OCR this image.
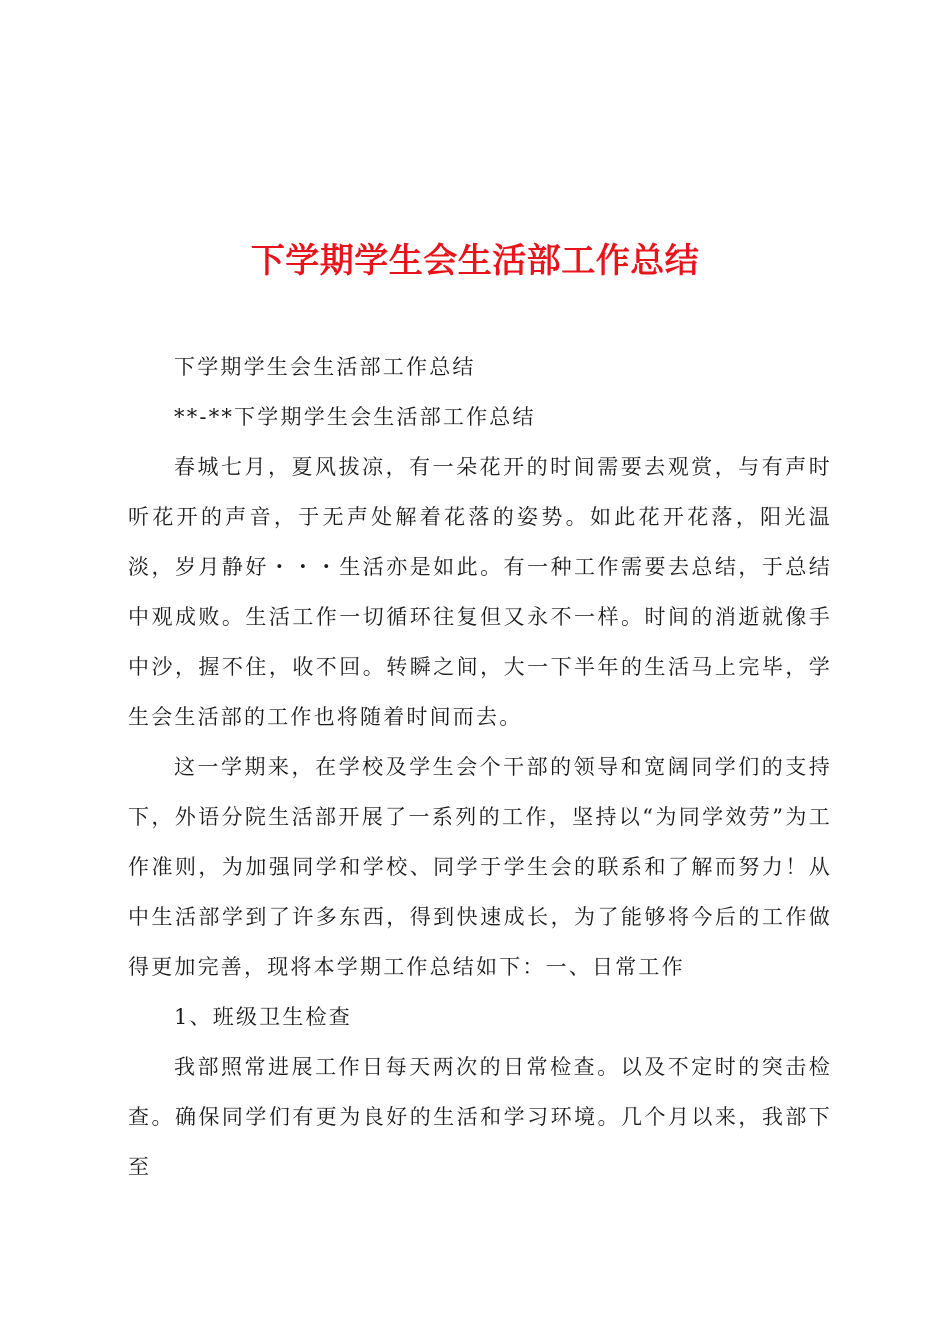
下学期学生会生活部工作总结

下学期学生会生活部工作总结

**-**下学期学生会生活部工作总结

春城七月，夏风拔凉，有一朵花开的时间需要去观赏，与有声时听花开的声音，于无声处解着花落的姿势。如此花开花落，阳光温淡，岁月静好・・・生活亦是如此。有一种工作需要去总结，于总结中观成败。生活工作一切循环往复但又永不一样。时间的消逝就像手中沙，握不住，收不回。转瞬之间，大一下半年的生活马上完毕，学生会生活部的工作也将随着时间而去。

这一学期来，在学校及学生会个干部的领导和宽阔同学们的支持下，外语分院生活部开展了一系列的工作，坚持以“为同学效劳”为工作准则，为加强同学和学校、同学于学生会的联系和了解而努力！从中生活部学到了许多东西，得到快速成长，为了能够将今后的工作做得更加完善，现将本学期工作总结如下：一、日常工作

1、班级卫生检查

我部照常进展工作日每天两次的日常检查。以及不定时的突击检查。确保同学们有更为良好的生活和学习环境。几个月以来，我部下至
